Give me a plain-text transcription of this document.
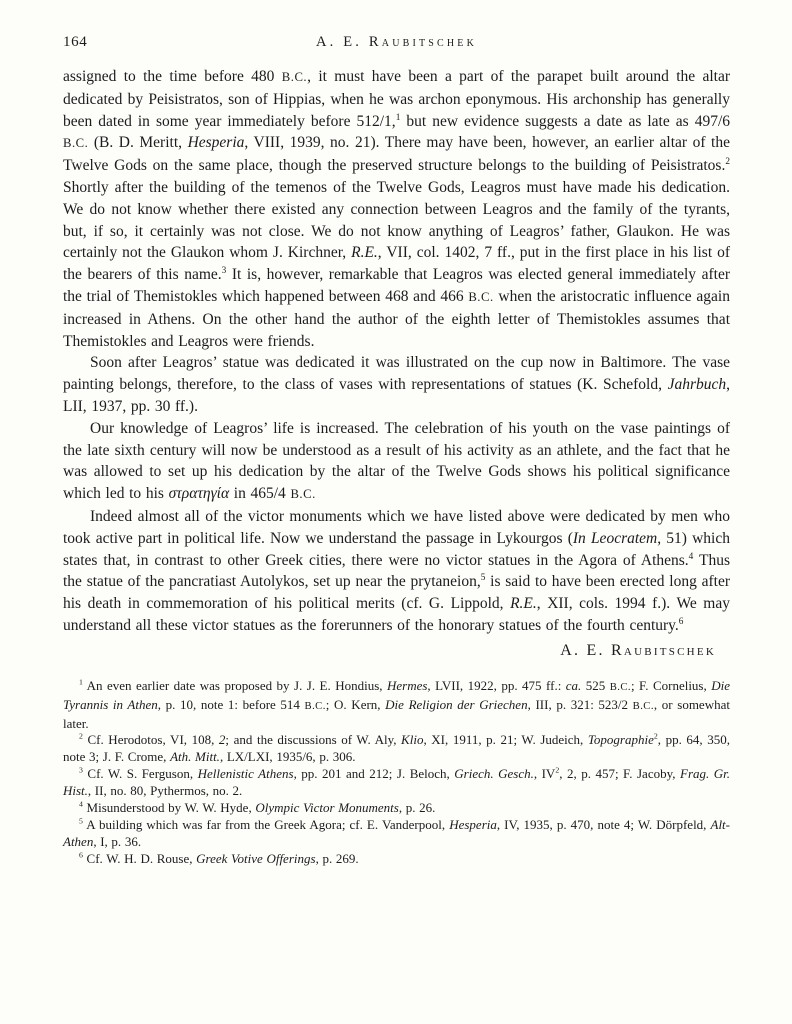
164	A. E. Raubitschek

assigned to the time before 480 B.C., it must have been a part of the parapet built around the altar dedicated by Peisistratos, son of Hippias, when he was archon eponymous. His archonship has generally been dated in some year immediately before 512/1,$^1$ but new evidence suggests a date as late as 497/6 B.C. (B. D. Meritt, Hesperia, VIII, 1939, no. 21). There may have been, however, an earlier altar of the Twelve Gods on the same place, though the preserved structure belongs to the building of Peisistratos.$^2$ Shortly after the building of the temenos of the Twelve Gods, Leagros must have made his dedication. We do not know whether there existed any connection between Leagros and the family of the tyrants, but, if so, it certainly was not close. We do not know anything of Leagros’ father, Glaukon. He was certainly not the Glaukon whom J. Kirchner, R.E., VII, col. 1402, 7 ff., put in the first place in his list of the bearers of this name.$^3$ It is, however, remarkable that Leagros was elected general immediately after the trial of Themistokles which happened between 468 and 466 B.C. when the aristocratic influence again increased in Athens. On the other hand the author of the eighth letter of Themistokles assumes that Themistokles and Leagros were friends.

Soon after Leagros’ statue was dedicated it was illustrated on the cup now in Baltimore. The vase painting belongs, therefore, to the class of vases with representations of statues (K. Schefold, Jahrbuch, LII, 1937, pp. 30 ff.).

Our knowledge of Leagros’ life is increased. The celebration of his youth on the vase paintings of the late sixth century will now be understood as a result of his activity as an athlete, and the fact that he was allowed to set up his dedication by the altar of the Twelve Gods shows his political significance which led to his στρατηγία in 465/4 B.C.

Indeed almost all of the victor monuments which we have listed above were dedicated by men who took active part in political life. Now we understand the passage in Lykourgos (In Leocratem, 51) which states that, in contrast to other Greek cities, there were no victor statues in the Agora of Athens.$^4$ Thus the statue of the pancratiast Autolykos, set up near the prytaneion,$^5$ is said to have been erected long after his death in commemoration of his political merits (cf. G. Lippold, R.E., XII, cols. 1994 f.). We may understand all these victor statues as the forerunners of the honorary statues of the fourth century.$^6$

A. E. Raubitschek

$^1$ An even earlier date was proposed by J. J. E. Hondius, Hermes, LVII, 1922, pp. 475 ff.: ca. 525 B.C.; F. Cornelius, Die Tyrannis in Athen, p. 10, note 1: before 514 B.C.; O. Kern, Die Religion der Griechen, III, p. 321: 523/2 B.C., or somewhat later.

$^2$ Cf. Herodotos, VI, 108, 2; and the discussions of W. Aly, Klio, XI, 1911, p. 21; W. Judeich, Topographie$^2$, pp. 64, 350, note 3; J. F. Crome, Ath. Mitt., LX/LXI, 1935/6, p. 306.

$^3$ Cf. W. S. Ferguson, Hellenistic Athens, pp. 201 and 212; J. Beloch, Griech. Gesch., $IV^2$, 2, p. 457; F. Jacoby, Frag. Gr. Hist., II, no. 80, Pythermos, no. 2.

$^4$ Misunderstood by W. W. Hyde, Olympic Victor Monuments, p. 26.

$^5$ A building which was far from the Greek Agora; cf. E. Vanderpool, Hesperia, IV, 1935, p. 470, note 4; W. Dörpfeld, Alt-Athen, I, p. 36.

$^6$ Cf. W. H. D. Rouse, Greek Votive Offerings, p. 269.
